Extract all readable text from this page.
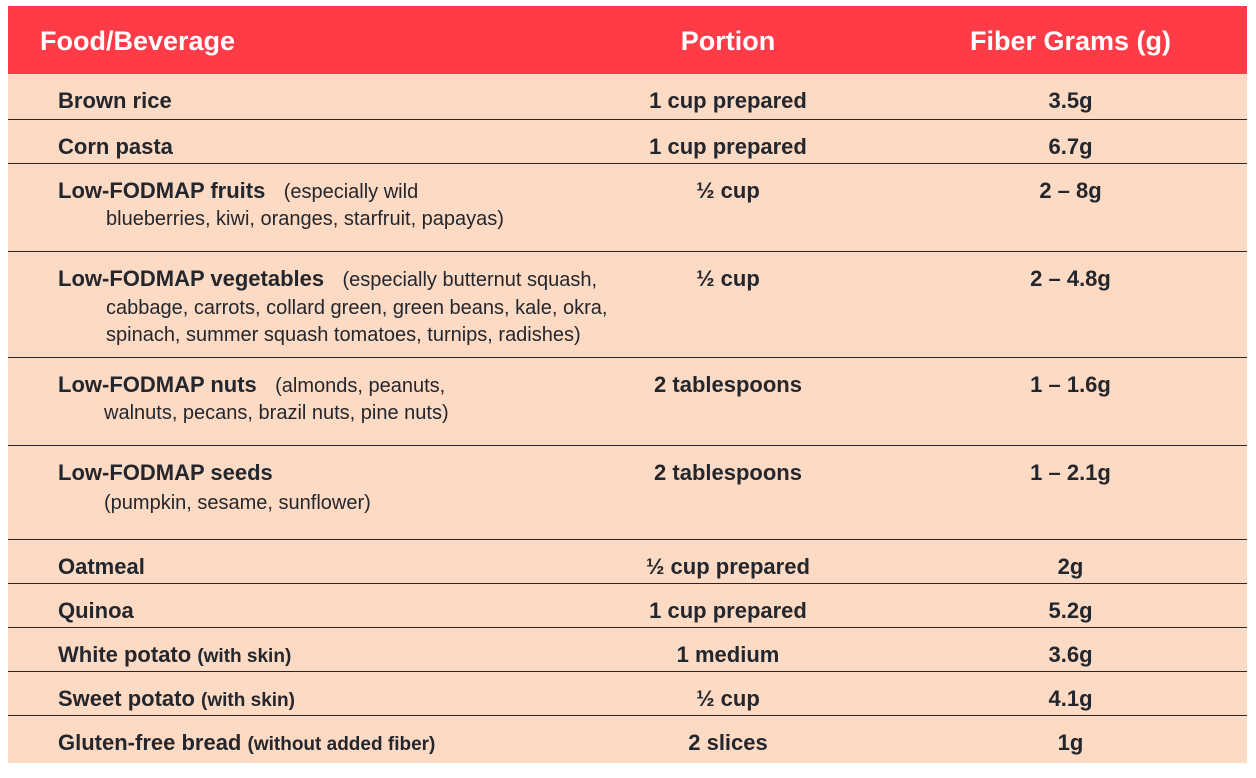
Food/Beverage	Portion	Fiber Grams (g)
Brown rice	1 cup prepared	3.5g
Corn pasta	1 cup prepared	6.7g
Low-FODMAP fruits (especially wild
blueberries, kiwi, oranges, starfruit, papayas)
½ cup	2 – 8g
Low-FODMAP vegetables (especially butternut squash,
cabbage, carrots, collard green, green beans, kale, okra,
spinach, summer squash tomatoes, turnips, radishes)
½ cup	2 – 4.8g
Low-FODMAP nuts (almonds, peanuts,
walnuts, pecans, brazil nuts, pine nuts)
2 tablespoons	1 – 1.6g
Low-FODMAP seeds
(pumpkin, sesame, sunflower)
2 tablespoons	1 – 2.1g
Oatmeal	½ cup prepared	2g
Quinoa	1 cup prepared	5.2g
White potato (with skin)	1 medium	3.6g
Sweet potato (with skin)	½ cup	4.1g
Gluten-free bread (without added fiber)	2 slices	1g
